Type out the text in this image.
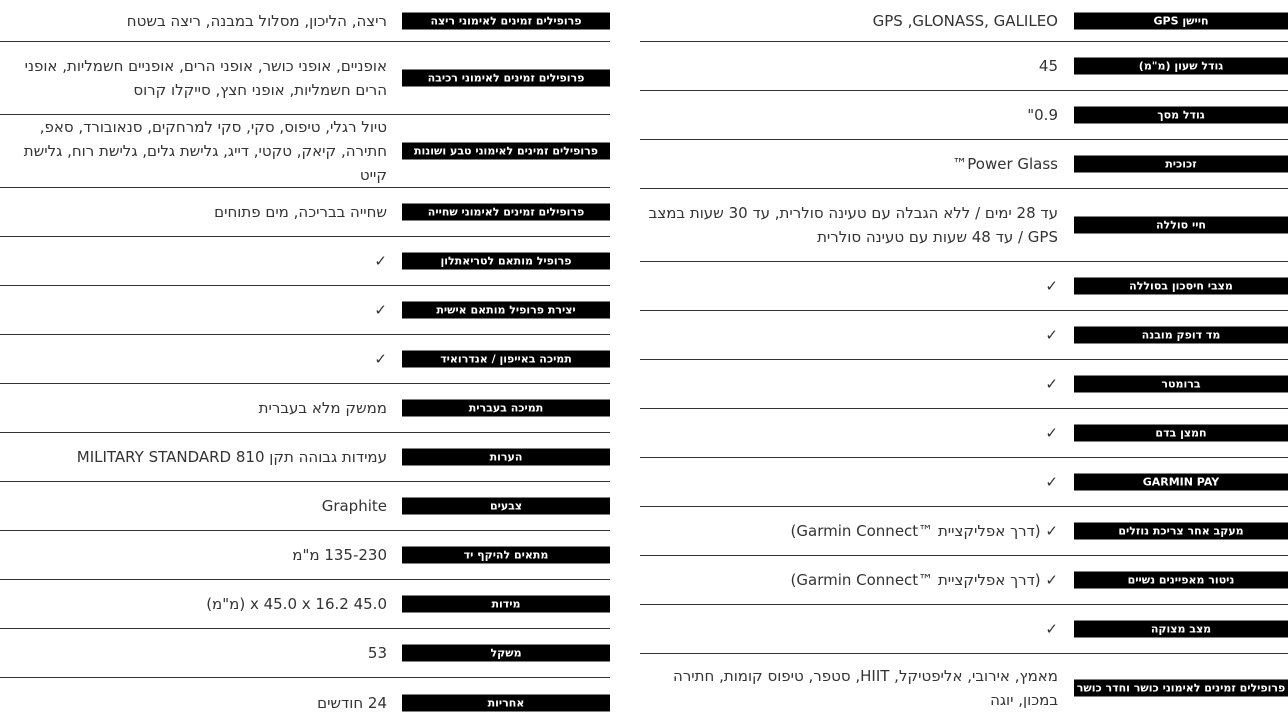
חיישן GPS
GPS ,GLONASS, GALILEO
גודל שעון (מ"מ)
45
גודל מסך
0.9"
זכוכית
Power Glass™
חיי סוללה
עד 28 ימים / ללא הגבלה עם טעינה סולרית, עד 30 שעות במצב GPS / עד 48 שעות עם טעינה סולרית
מצבי חיסכון בסוללה
✓
מד דופק מובנה
✓
ברומטר
✓
חמצן בדם
✓
GARMIN PAY
✓
מעקב אחר צריכת נוזלים
✓ (דרך אפליקציית ™Garmin Connect)
ניטור מאפיינים נשיים
✓ (דרך אפליקציית ™Garmin Connect)
מצב מצוקה
✓
פרופילים זמינים לאימוני כושר וחדר כושר
מאמץ, אירובי, אליפטיקל, HIIT, סטפר, טיפוס קומות, חתירה במכון, יוגה
פרופילים זמינים לאימוני ריצה
ריצה, הליכון, מסלול במבנה, ריצה בשטח
פרופילים זמינים לאימוני רכיבה
אופניים, אופני כושר, אופני הרים, אופניים חשמליות, אופני הרים חשמליות, אופני חצץ, סייקלו קרוס
פרופילים זמינים לאימוני טבע ושונות
טיול רגלי, טיפוס, סקי, סקי למרחקים, סנאובורד, סאפ, חתירה, קיאק, טקטי, דייג, גלישת גלים, גלישת רוח, גלישת קייט
פרופילים זמינים לאימוני שחייה
שחייה בבריכה, מים פתוחים
פרופיל מותאם לטריאתלון
✓
יצירת פרופיל מותאם אישית
✓
תמיכה באייפון / אנדרואיד
✓
תמיכה בעברית
ממשק מלא בעברית
הערות
עמידות גבוהה תקן MILITARY STANDARD 810
צבעים
Graphite
מתאים להיקף יד
135-230 מ"מ
מידות
45.0 x 45.0 x 16.2 (מ"מ)
משקל
53
אחריות
24 חודשים
